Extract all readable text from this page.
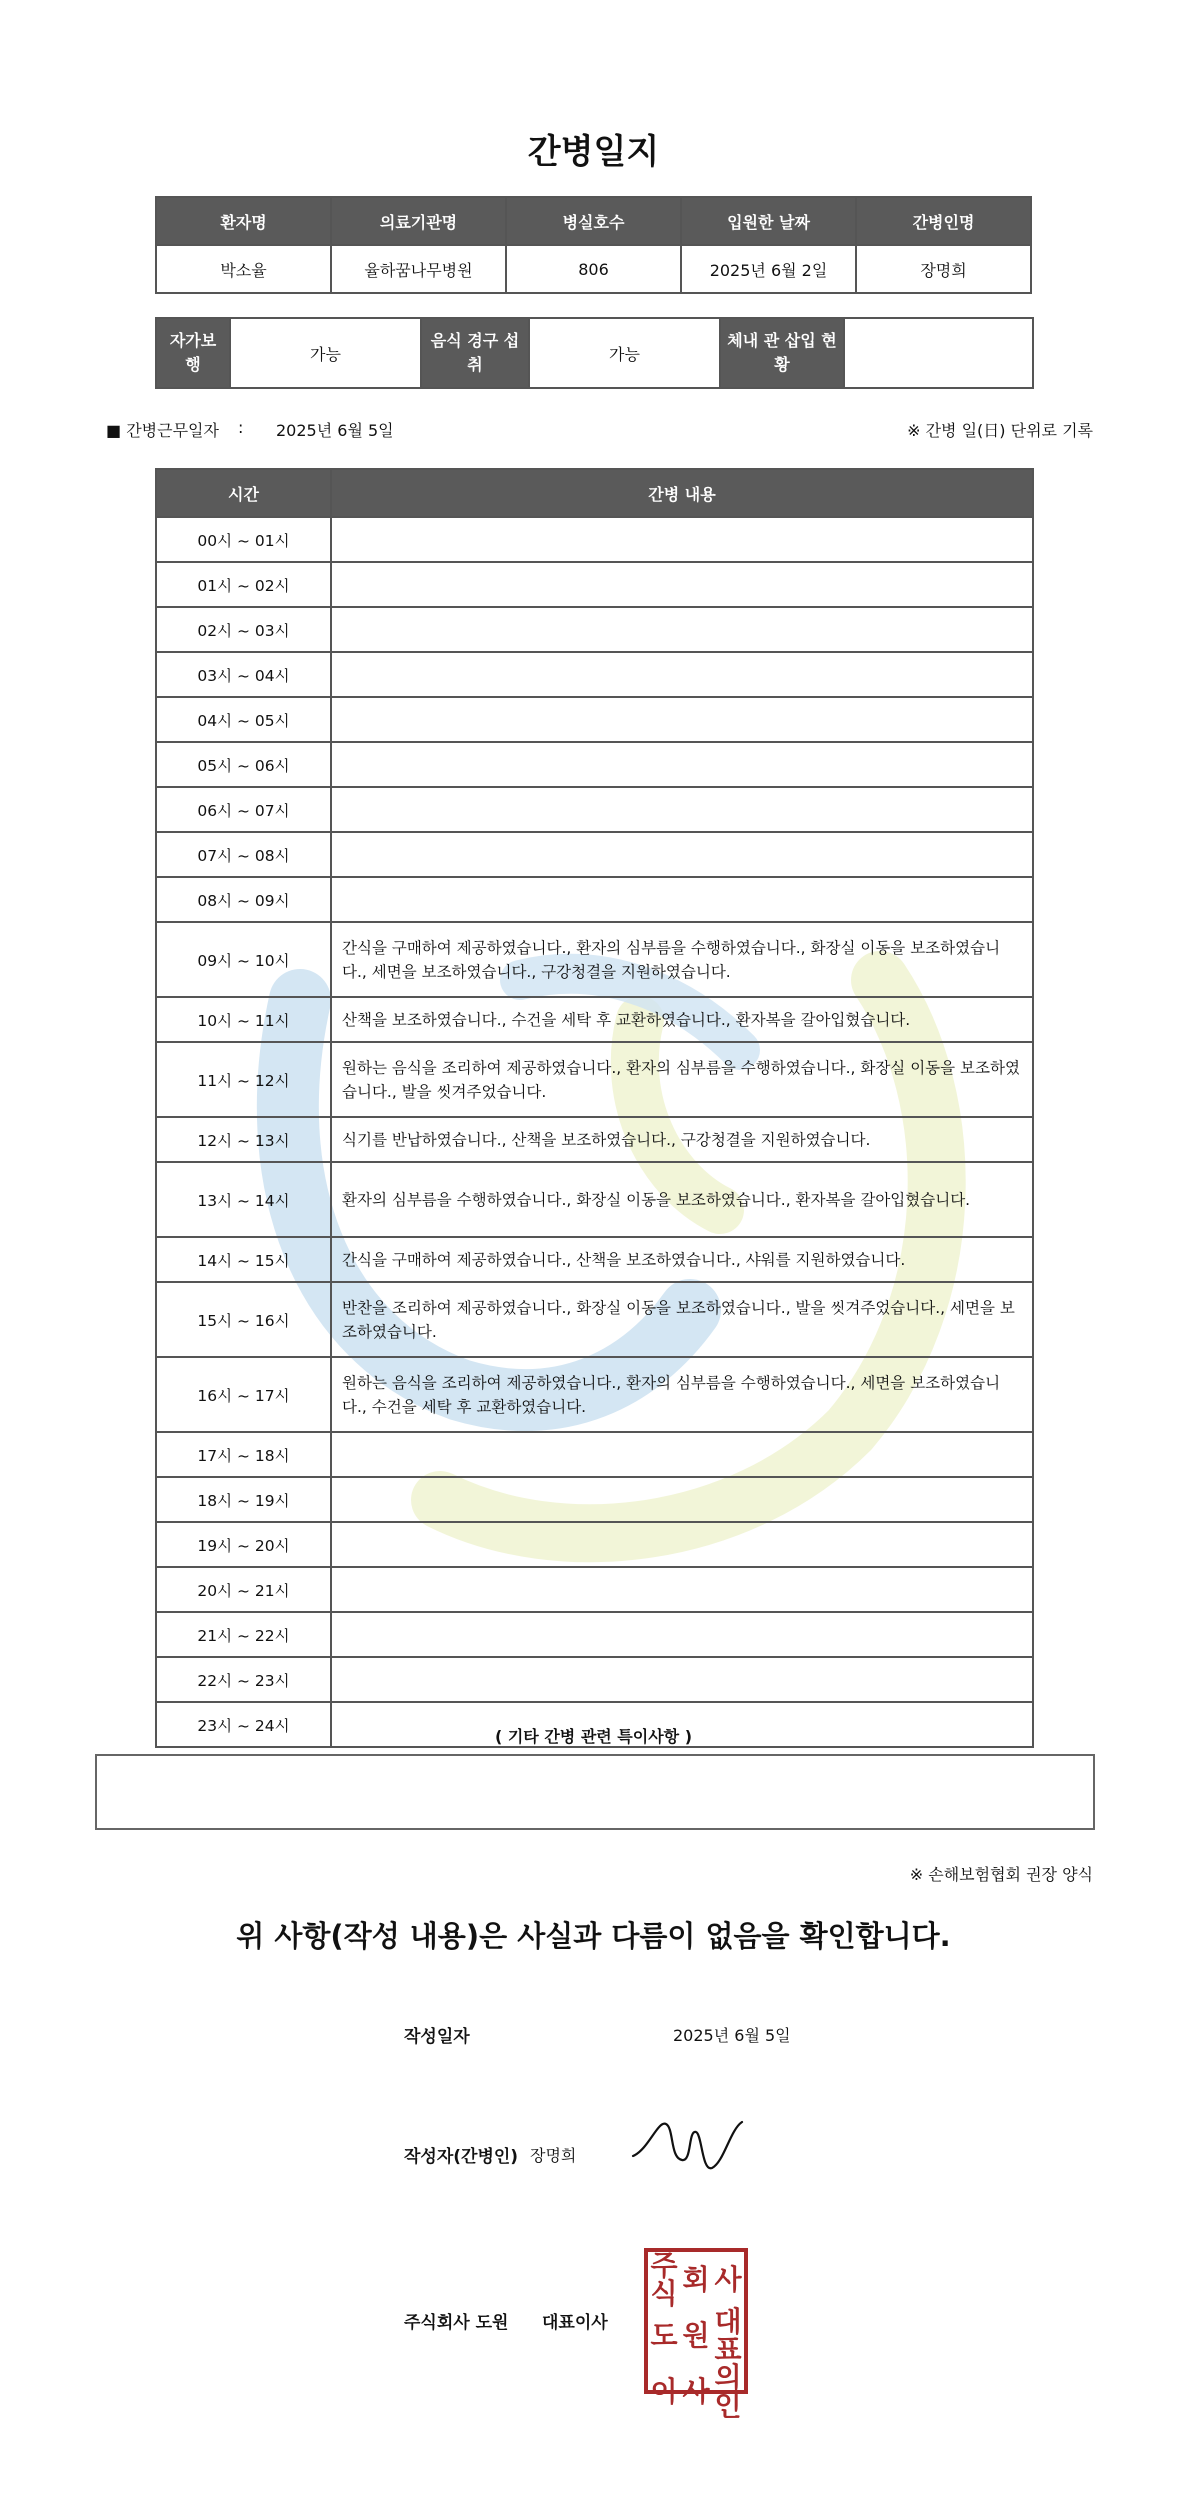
간병일지
환자명	의료기관명	병실호수	입원한 날짜	간병인명
박소율	율하꿈나무병원	806	2025년 6월 2일	장명희
자가보행	가능	음식 경구 섭취	가능	체내 관 삽입 현황	
■ 간병근무일자 : 2025년 6월 5일	※ 간병 일(日) 단위로 기록
시간	간병 내용
00시 ~ 01시	
01시 ~ 02시	
02시 ~ 03시	
03시 ~ 04시	
04시 ~ 05시	
05시 ~ 06시	
06시 ~ 07시	
07시 ~ 08시	
08시 ~ 09시	
09시 ~ 10시	간식을 구매하여 제공하였습니다., 환자의 심부름을 수행하였습니다., 화장실 이동을 보조하였습니다., 세면을 보조하였습니다., 구강청결을 지원하였습니다.
10시 ~ 11시	산책을 보조하였습니다., 수건을 세탁 후 교환하였습니다., 환자복을 갈아입혔습니다.
11시 ~ 12시	원하는 음식을 조리하여 제공하였습니다., 환자의 심부름을 수행하였습니다., 화장실 이동을 보조하였습니다., 발을 씻겨주었습니다.
12시 ~ 13시	식기를 반납하였습니다., 산책을 보조하였습니다., 구강청결을 지원하였습니다.
13시 ~ 14시	환자의 심부름을 수행하였습니다., 화장실 이동을 보조하였습니다., 환자복을 갈아입혔습니다.
14시 ~ 15시	간식을 구매하여 제공하였습니다., 산책을 보조하였습니다., 샤워를 지원하였습니다.
15시 ~ 16시	반찬을 조리하여 제공하였습니다., 화장실 이동을 보조하였습니다., 발을 씻겨주었습니다., 세면을 보조하였습니다.
16시 ~ 17시	원하는 음식을 조리하여 제공하였습니다., 환자의 심부름을 수행하였습니다., 세면을 보조하였습니다., 수건을 세탁 후 교환하였습니다.
17시 ~ 18시	
18시 ~ 19시	
19시 ~ 20시	
20시 ~ 21시	
21시 ~ 22시	
22시 ~ 23시	
23시 ~ 24시	
( 기타 간병 관련 특이사항 )
※ 손해보험협회 권장 양식
위 사항(작성 내용)은 사실과 다름이 없음을 확인합니다.
작성일자	2025년 6월 5일
작성자(간병인) 장명희
주식회사 도원 대표이사
주식 회 사
도 원 대표
이 사 의인
